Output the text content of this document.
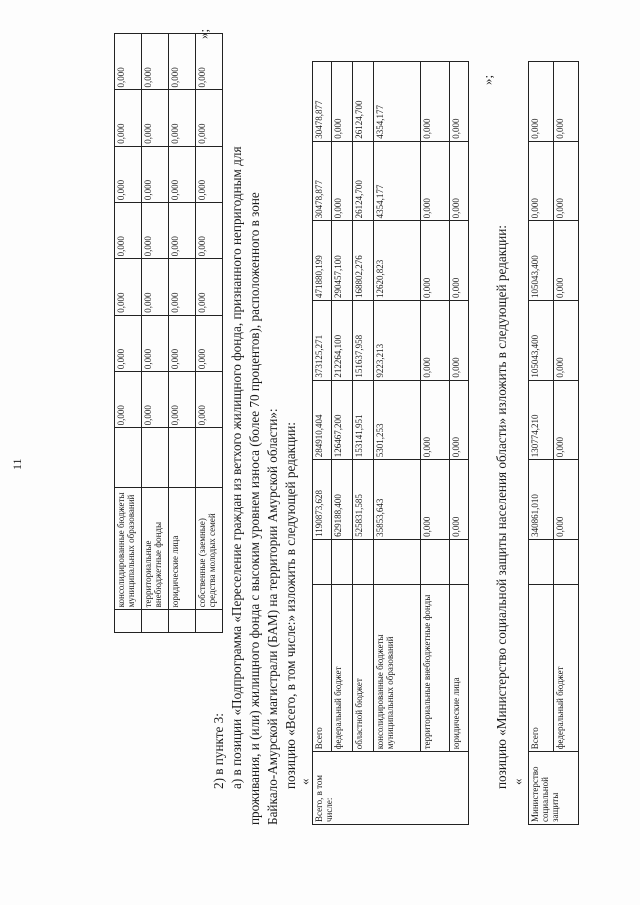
11
	консолидированные бюджеты муниципальных образований		0,000	0,000	0,000	0,000	0,000	0,000	0,000
	территориальные внебюджетные фонды		0,000	0,000	0,000	0,000	0,000	0,000	0,000
	юридические лица		0,000	0,000	0,000	0,000	0,000	0,000	0,000
	собственные (заемные) средства молодых семей		0,000	0,000	0,000	0,000	0,000	0,000	0,000
»;
2) в пункте 3: а) в позиции «Подпрограмма «Переселение граждан из ветхого жилищного фонда, признанного непригодным для проживания, и (или) жилищного фонда с высоким уровнем износа (более 70 процентов), расположенного в зоне Байкало-Амурской магистрали (БАМ) на территории Амурской области»: позицию «Всего, в том числе:» изложить в следующей редакции: « Всего, в том числе:	Всего		1190873,628	284910,404	373125,271	471880,199	30478,877	30478,877
	федеральный бюджет		629188,400	126467,200	212264,100	290457,100	0,000	0,000
	областной бюджет		525831,585	153141,951	151637,958	168802,276	26124,700	26124,700
	консолидированные бюджеты муниципальных образований		35853,643	5301,253	9223,213	12620,823	4354,177	4354,177
	территориальные внебюджетные фонды		0,000	0,000	0,000	0,000	0,000	0,000
	юридические лица		0,000	0,000	0,000	0,000	0,000	0,000
»;
позицию «Министерство социальной защиты населения области» изложить в следующей редакции: « Министерство социальной защиты	Всего		340861,010	130774,210	105043,400	105043,400	0,000	0,000
	федеральный бюджет		0,000	0,000	0,000	0,000	0,000	0,000
